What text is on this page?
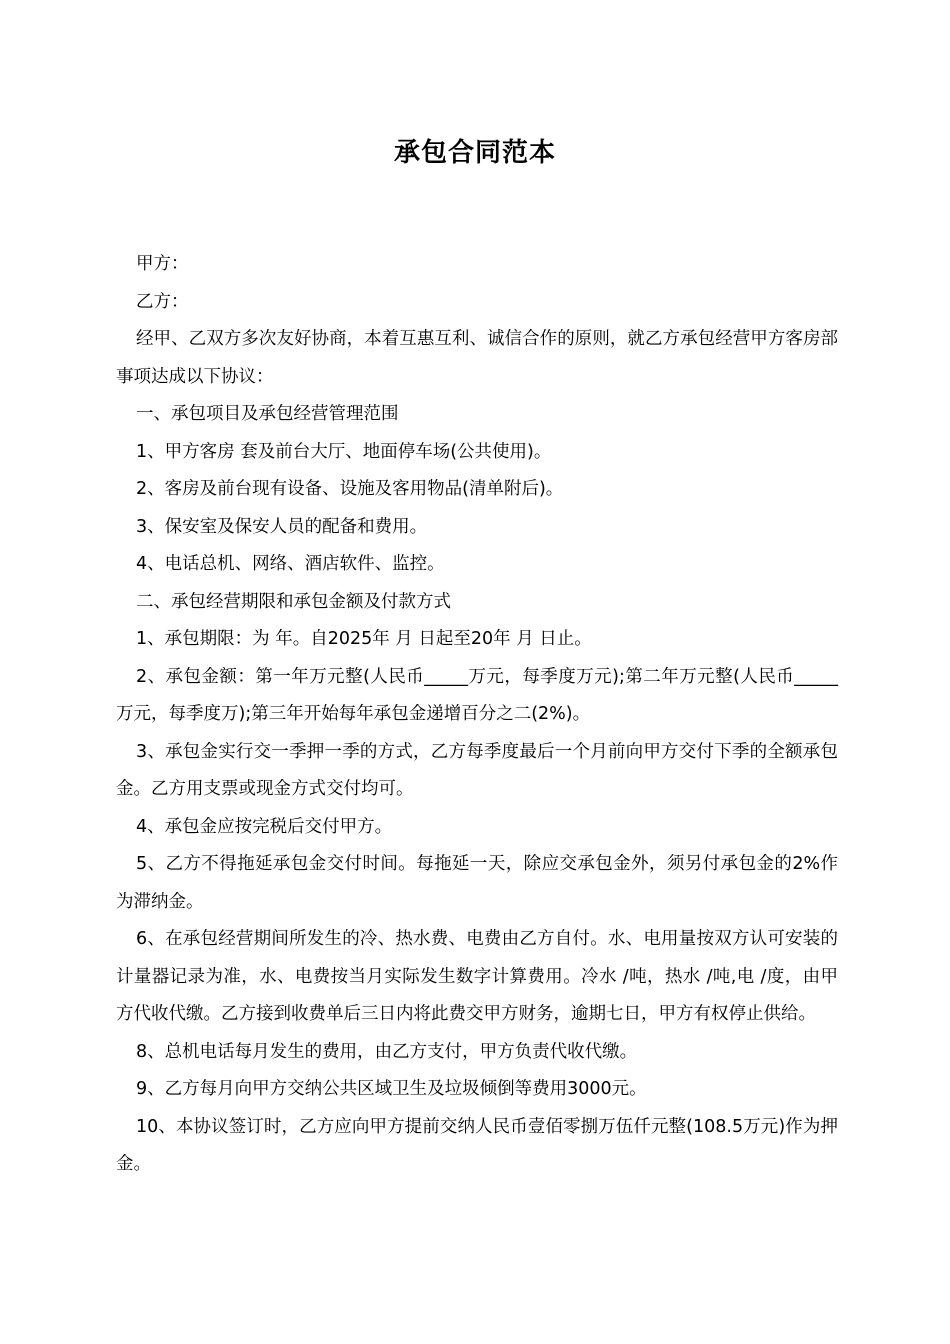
承包合同范本

甲方：

乙方：

经甲、乙双方多次友好协商，本着互惠互利、诚信合作的原则，就乙方承包经营甲方客房部事项达成以下协议：

一、承包项目及承包经营管理范围

1、甲方客房 套及前台大厅、地面停车场(公共使用)。

2、客房及前台现有设备、设施及客用物品(清单附后)。

3、保安室及保安人员的配备和费用。

4、电话总机、网络、酒店软件、监控。

二、承包经营期限和承包金额及付款方式

1、承包期限：为 年。自2025年 月 日起至20年 月 日止。

2、承包金额：第一年万元整(人民币_____万元，每季度万元);第二年万元整(人民币_____万元，每季度万);第三年开始每年承包金递增百分之二(2%)。

3、承包金实行交一季押一季的方式，乙方每季度最后一个月前向甲方交付下季的全额承包金。乙方用支票或现金方式交付均可。

4、承包金应按完税后交付甲方。

5、乙方不得拖延承包金交付时间。每拖延一天，除应交承包金外，须另付承包金的2%作为滞纳金。

6、在承包经营期间所发生的冷、热水费、电费由乙方自付。水、电用量按双方认可安装的计量器记录为准，水、电费按当月实际发生数字计算费用。冷水 /吨，热水 /吨,电 /度，由甲方代收代缴。乙方接到收费单后三日内将此费交甲方财务，逾期七日，甲方有权停止供给。

8、总机电话每月发生的费用，由乙方支付，甲方负责代收代缴。

9、乙方每月向甲方交纳公共区域卫生及垃圾倾倒等费用3000元。

10、本协议签订时，乙方应向甲方提前交纳人民币壹佰零捌万伍仟元整(108.5万元)作为押金。
